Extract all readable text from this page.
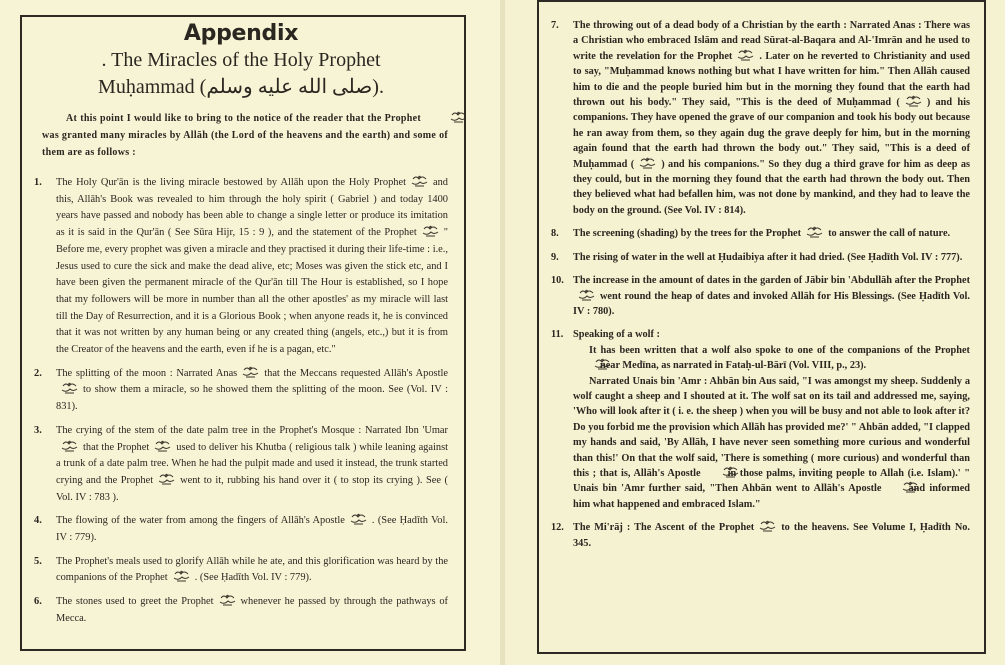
Appendix
. The Miracles of the Holy Prophet
Muḥammad (صلى الله عليه وسلم).
At this point I would like to bring to the notice of the reader that the Prophetwas granted many miracles by Allāh (the Lord of the heavens and the earth) and some of them are as follows :
1.	The Holy Qur'ān is the living miracle bestowed by Allāh upon the Holy Prophet	and this, Allāh's Book was revealed to him through the holy spirit ( Gabriel ) and today 1400 years have passed and nobody has been able to change a single letter or produce its imitation as it is said in the Qur'ān ( See Sūra Hijr, 15 : 9 ), and the statement of the Prophet	" Before me, every prophet was given a miracle and they practised it during their life-time : i.e., Jesus used to cure the sick and make the dead alive, etc; Moses was given the stick etc, and I have been given the permanent miracle of the Qur'ān till The Hour is established, so I hope that my followers will be more in number than all the other apostles' as my miracle will last till the Day of Resurrection, and it is a Glorious Book ; when anyone reads it, he is convinced that it was not written by any human being or any created thing (angels, etc.,) but it is from the Creator of the heavens and the earth, even if he is a pagan, etc."
2.	The splitting of the moon : Narrated Anas	that the Meccans requested Allāh's Apostleto show them a miracle, so he showed them the splitting of the moon. See (Vol. IV : 831).
3.	The crying of the stem of the date palm tree in the Prophet's Mosque : Narrated Ibn 'Umarthat the Prophet	used to deliver his Khutba ( religious talk ) while leaning against a trunk of a date palm tree. When he had the pulpit made and used it instead, the trunk started crying and the Prophet	went to it, rubbing his hand over it ( to stop its crying ). See ( Vol. IV : 783 ).
4.	The flowing of the water from among the fingers of Allāh's Apostle	. (See Ḥadīth Vol. IV : 779).
5.	The Prophet's meals used to glorify Allāh while he ate, and this glorification was heard by the companions of the Prophet	. (See Ḥadīth Vol. IV : 779).
6.	The stones used to greet the Prophet	whenever he passed by through the pathways of Mecca.
7.	The throwing out of a dead body of a Christian by the earth : Narrated Anas : There was a Christian who embraced Islām and read Sūrat-al-Baqara and Al-'Imrān and he used to write the revelation for the Prophet	. Later on he reverted to Christianity and used to say, "Muḥammad knows nothing but what I have written for him." Then Allāh caused him to die and the people buried him but in the morning they found that the earth had thrown out his body." They said, "This is the deed of Muḥammad (	) and his companions. They have opened the grave of our companion and took his body out because he ran away from them, so they again dug the grave deeply for him, but in the morning again found that the earth had thrown the body out." They said, "This is a deed of Muḥammad (	) and his companions." So they dug a third grave for him as deep as they could, but in the morning they found that the earth had thrown the body out. Then they believed what had befallen him, was not done by mankind, and they had to leave the body on the ground. (See Vol. IV : 814).
8.	The screening (shading) by the trees for the Prophet	to answer the call of nature.
9.	The rising of water in the well at Ḥudaibiya after it had dried. (See Ḥadīth Vol. IV : 777).
10. The increase in the amount of dates in the garden of Jābir bin 'Abdullāh after the Prophetwent round the heap of dates and invoked Allāh for His Blessings. (See Ḥadīth Vol. IV : 780).
11. Speaking of a wolf :
It has been written that a wolf also spoke to one of the companions of the Prophetnear Medīna, as narrated in Fataḥ-ul-Bārī (Vol. VIII, p., 23).
Narrated Unais bin 'Amr : Ahbān bin Aus said, "I was amongst my sheep. Suddenly a wolf caught a sheep and I shouted at it. The wolf sat on its tail and addressed me, saying, 'Who will look after it ( i. e. the sheep ) when you will be busy and not able to look after it? Do you forbid me the provision which Allāh has provided me?' " Ahbān added, "I clapped my hands and said, 'By Allāh, I have never seen something more curious and wonderful than this!' On that the wolf said, 'There is something ( more curious) and wonderful than this ; that is, Allāh's Apostle	in those palms, inviting people to Allah (i.e. Islam).' " Unais bin 'Amr further said, "Then Ahbān went to Allāh's Apostle	and informed him what happened and embraced Islam."
12. The Mi'rāj : The Ascent of the Prophet	to the heavens. See Volume I, Ḥadīth No. 345.
